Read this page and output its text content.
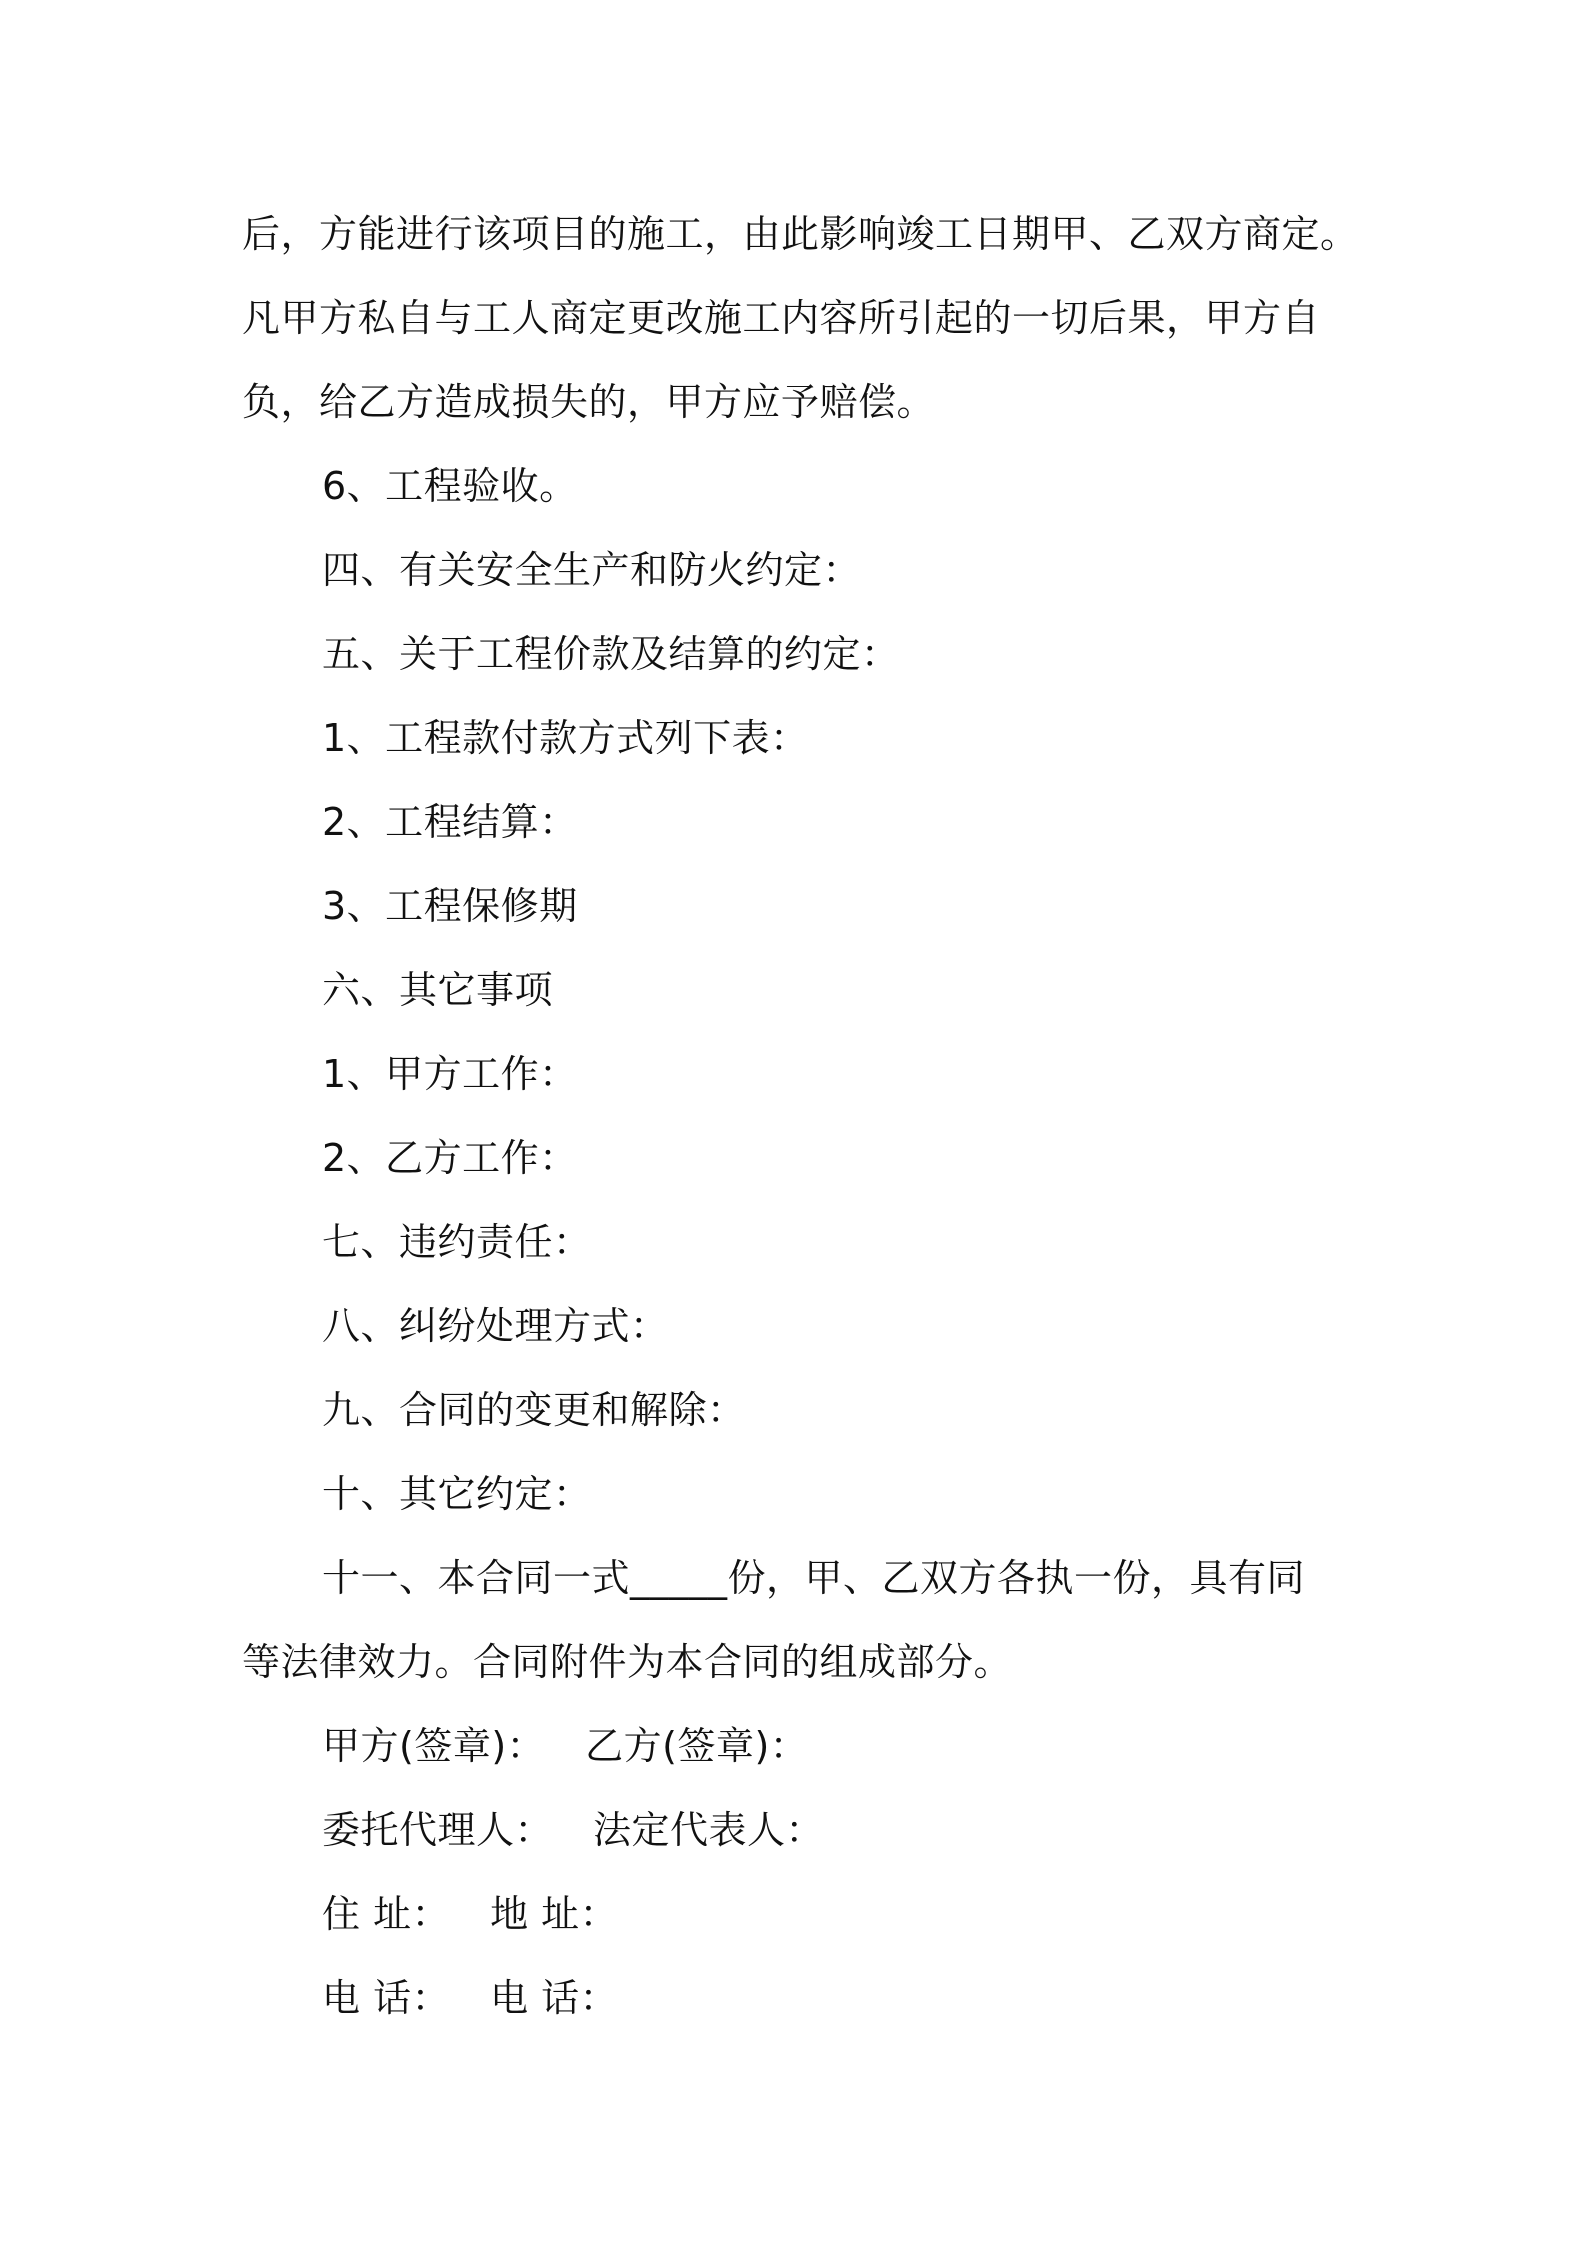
后，方能进行该项目的施工，由此影响竣工日期甲、乙双方商定。
凡甲方私自与工人商定更改施工内容所引起的一切后果，甲方自
负，给乙方造成损失的，甲方应予赔偿。
6、工程验收。
四、有关安全生产和防火约定：
五、关于工程价款及结算的约定：
1、工程款付款方式列下表：
2、工程结算：
3、工程保修期
六、其它事项
1、甲方工作：
2、乙方工作：
七、违约责任：
八、纠纷处理方式：
九、合同的变更和解除：
十、其它约定：
十一、本合同一式_____份，甲、乙双方各执一份，具有同
等法律效力。合同附件为本合同的组成部分。
甲方(签章)： 乙方(签章)：
委托代理人： 法定代表人：
住 址： 地 址：
电 话： 电 话：
